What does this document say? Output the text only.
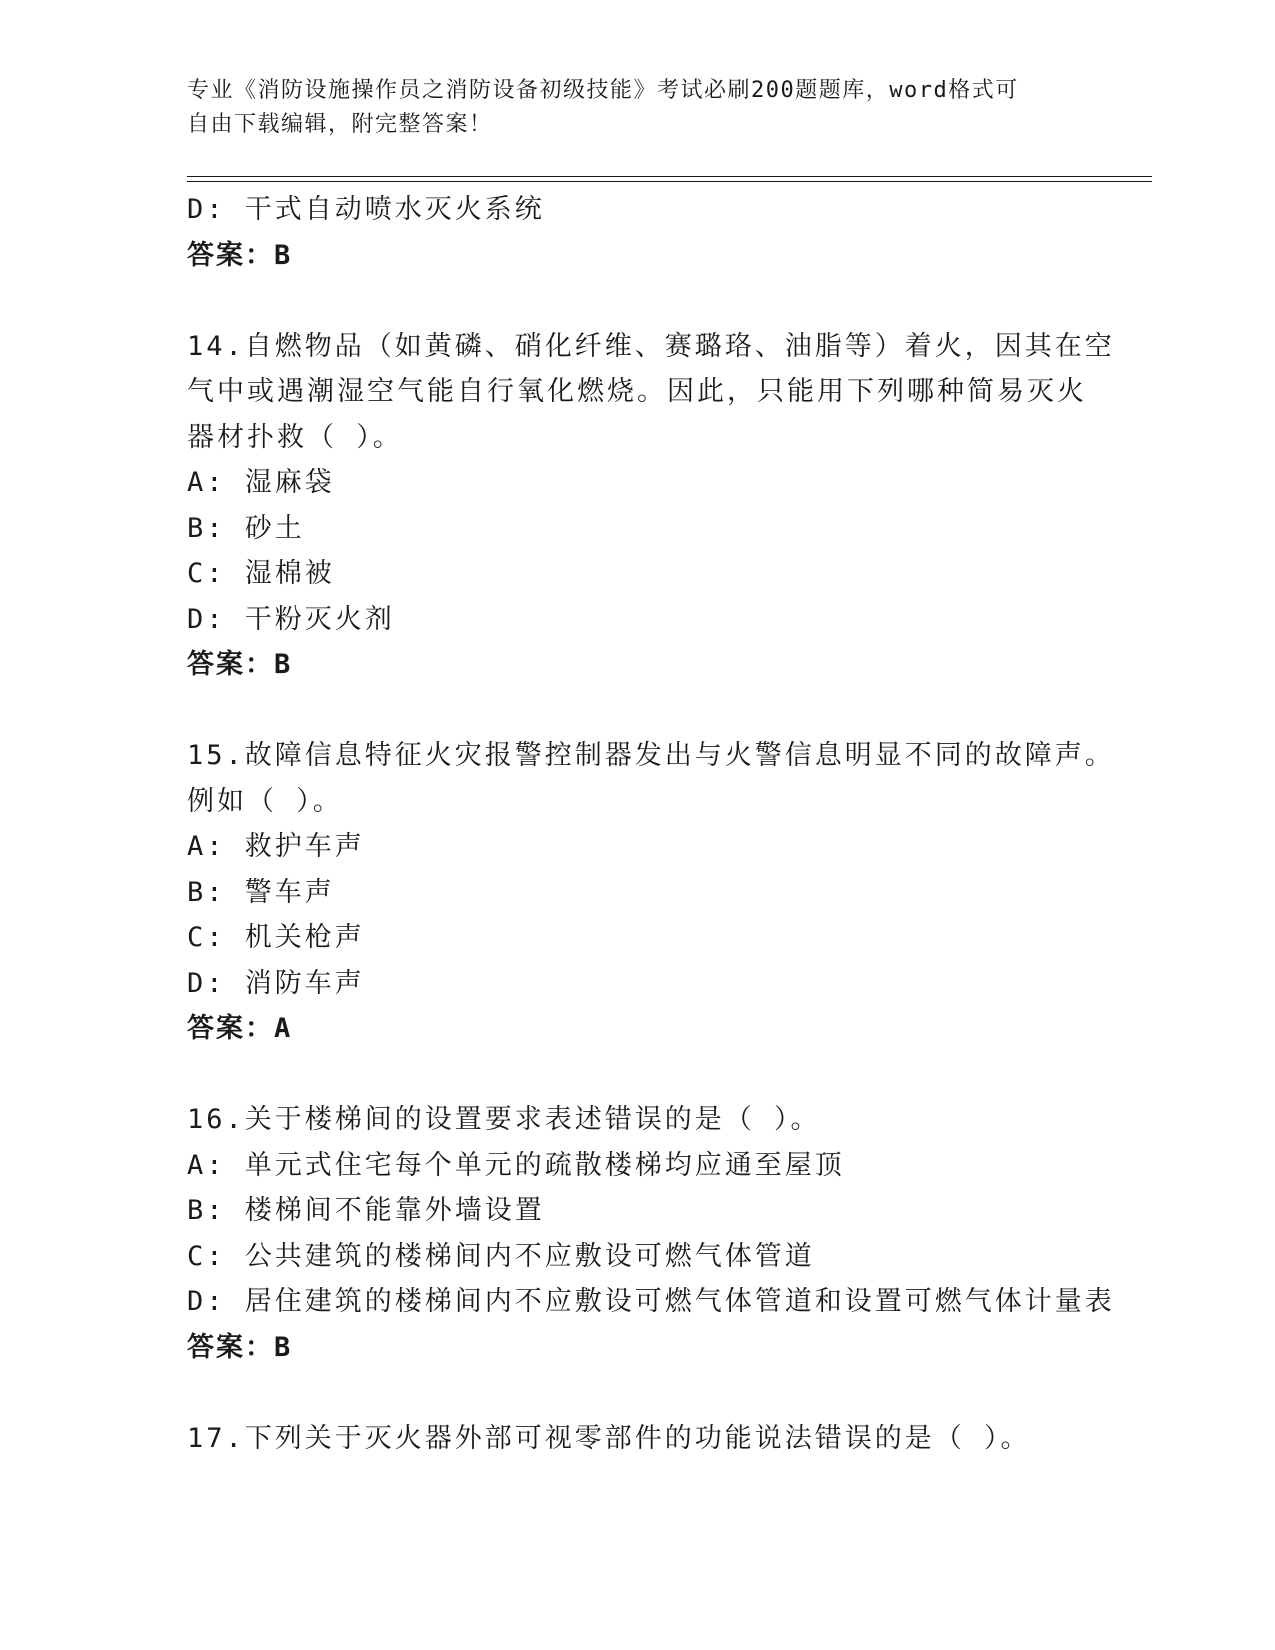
专业《消防设施操作员之消防设备初级技能》考试必刷200题题库，word格式可
自由下载编辑，附完整答案！
D: 干式自动喷水灭火系统
答案：B
14.自燃物品（如黄磷、硝化纤维、赛璐珞、油脂等）着火，因其在空
气中或遇潮湿空气能自行氧化燃烧。因此，只能用下列哪种简易灭火
器材扑救（ ）。
A: 湿麻袋
B: 砂土
C: 湿棉被
D: 干粉灭火剂
答案：B
15.故障信息特征火灾报警控制器发出与火警信息明显不同的故障声。
例如（ ）。
A: 救护车声
B: 警车声
C: 机关枪声
D: 消防车声
答案：A
16.关于楼梯间的设置要求表述错误的是（ ）。
A: 单元式住宅每个单元的疏散楼梯均应通至屋顶
B: 楼梯间不能靠外墙设置
C: 公共建筑的楼梯间内不应敷设可燃气体管道
D: 居住建筑的楼梯间内不应敷设可燃气体管道和设置可燃气体计量表
答案：B
17.下列关于灭火器外部可视零部件的功能说法错误的是（ ）。
